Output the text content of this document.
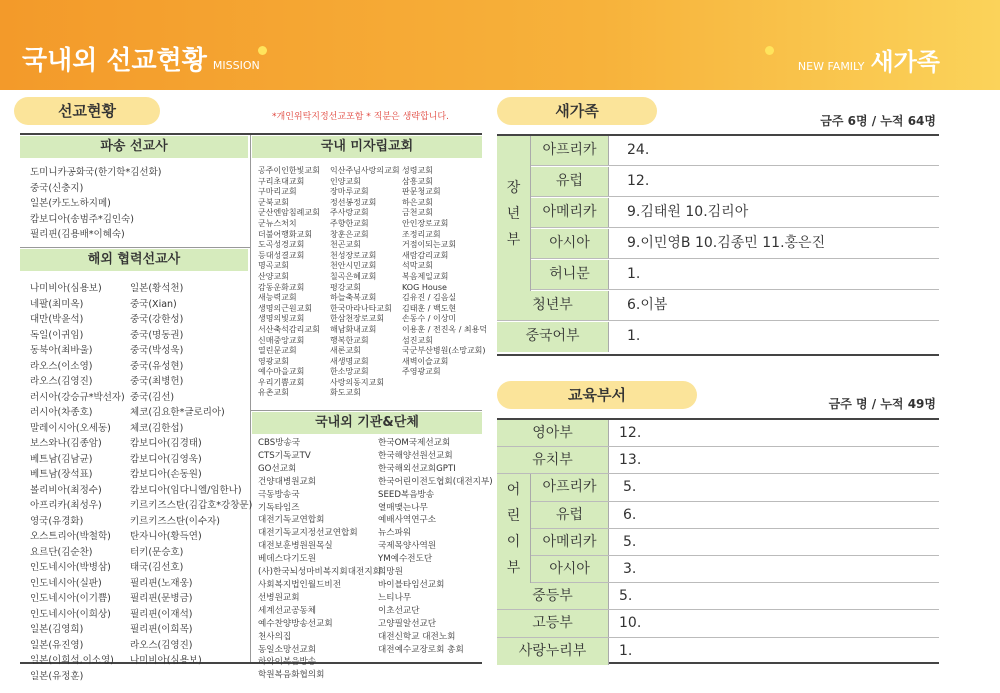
국내외 선교현황 MISSION	NEW FAMILY 새가족
선교현황	*개인위탁지정선교포함 * 직분은 생략합니다.
파송 선교사	국내 미자립교회
도미니카공화국(한기학*김선화)
중국(신충지)
일본(카도노하지메)
캄보디아(송범주*김인숙)
필리핀(김용배*이혜숙)
해외 협력선교사
나미비아(심용보)
네팔(최미옥)
대만(박윤석)
독일(이귀임)
동북아(최바울)
라오스(이소영)
라오스(김영진)
러시아(강승규*박선자)
러시아(차종호)
말레이시아(오세동)
보스와나(김종암)
베트남(김남균)
베트남(장석표)
볼리비아(최정수)
아프리카(최성우)
영국(유경화)
오스트리아(박철학)
요르단(김순찬)
인도네시아(박병삼)
인도네시아(실판)
인도네시아(이기쁨)
인도네시아(이희상)
일본(김영희)
일본(유진영)
일본(이희석,이소영)
일본(유정훈)
일본(황석천)
중국(Xian)
중국(강한성)
중국(명동권)
중국(박성욱)
중국(유성현)
중국(최병헌)
중국(김선)
체코(김요한*글로리아)
체코(김한섭)
캄보디아(김경태)
캄보디아(김영욱)
캄보디아(손동원)
캄보디아(임다니엘/임한나)
키르키즈스탄(김갑호*강창문)
키르키즈스탄(이수자)
탄자니아(황득연)
터키(문승호)
태국(김선호)
필리핀(노재웅)
필리핀(문병금)
필리핀(이재석)
필리핀(이희목)
라오스(김영진)
나미비아(심용보)
공주이인한빛교회
구리초대교회
구마리교회
군북교회
군산엔암침례교회
군뉴스처치
더불어행화교회
도곡성경교회
등대성결교회
명곡교회
산양교회
감동운화교회
새능력교회
생명의근원교회
생명의빛교회
서산축석감리교회
신매중앙교회
열린문교회
영광교회
예수마을교회
우리기쁨교회
유촌교회
익산주님사랑의교회
인양교회
장마루교회
정선봉정교회
주사랑교회
주향한교회
창훈은교회
천곤교회
천성장로교회
천안시민교회
칠곡은혜교회
평강교회
하늘축복교회
한국마라나타교회
한삼천장로교회
해남화내교회
행복한교회
새론교회
새생명교회
한소망교회
사랑의동지교회
화도교회
성령교회
삼흥교회
판문청교회
하은교회
금천교회
안인장로교회
조정리교회
거점이되는교회
새람감리교회
석막교회
복음제일교회
KOG House
김유진 / 김음실
김태훈 / 백도현
손동수 / 이상미
이용훈 / 전진옥 / 최용덕
섬진교회
국군부산병원(소망교회)
새벽이슬교회
주영광교회
국내외 기관&단체
CBS방송국
CTS기독교TV
GO선교회
건양대병원교회
극동방송국
기독타임즈
대전기독교연합회
대전기독교지정선교연합회
대전보훈병원원목실
베데스다기도원
(사)한국뇌성마비복지회대전지회
사회복지법인월드비전
선병원교회
세계선교공동체
예수찬양방송선교회
천사의집
동일소망선교회
하와이복음방송
학원복음화협의회
한국OM국제선교회
한국해양선원선교회
한국해외선교회GPTI
한국어린이전도협회(대전지부)
SEED복음방송
열매맺는나무
예배사역연구소
뉴스파워
국제목양사역원
YM예수전도단
희망원
바이블타임선교회
느티나무
이초선교단
고양필알선교단
대전신학교 대전노회
대전예수교장로회 총회
새가족
금주 6명 / 누적 64명
장
년
부
아프리카	24.
유럽	12.
아메리카	9.김태원 10.김리아
아시아	9.이민영B 10.김종민 11.홍은진
허니문	1.
청년부	6.이봄
중국어부	1.
교육부서	금주 명 / 누적 49명
영아부	12.
유치부	13.
어
린
이
부
아프리카	5.
유럽	6.
아메리카	5.
아시아	3.
중등부	5.
고등부	10.
사랑누리부	1.
